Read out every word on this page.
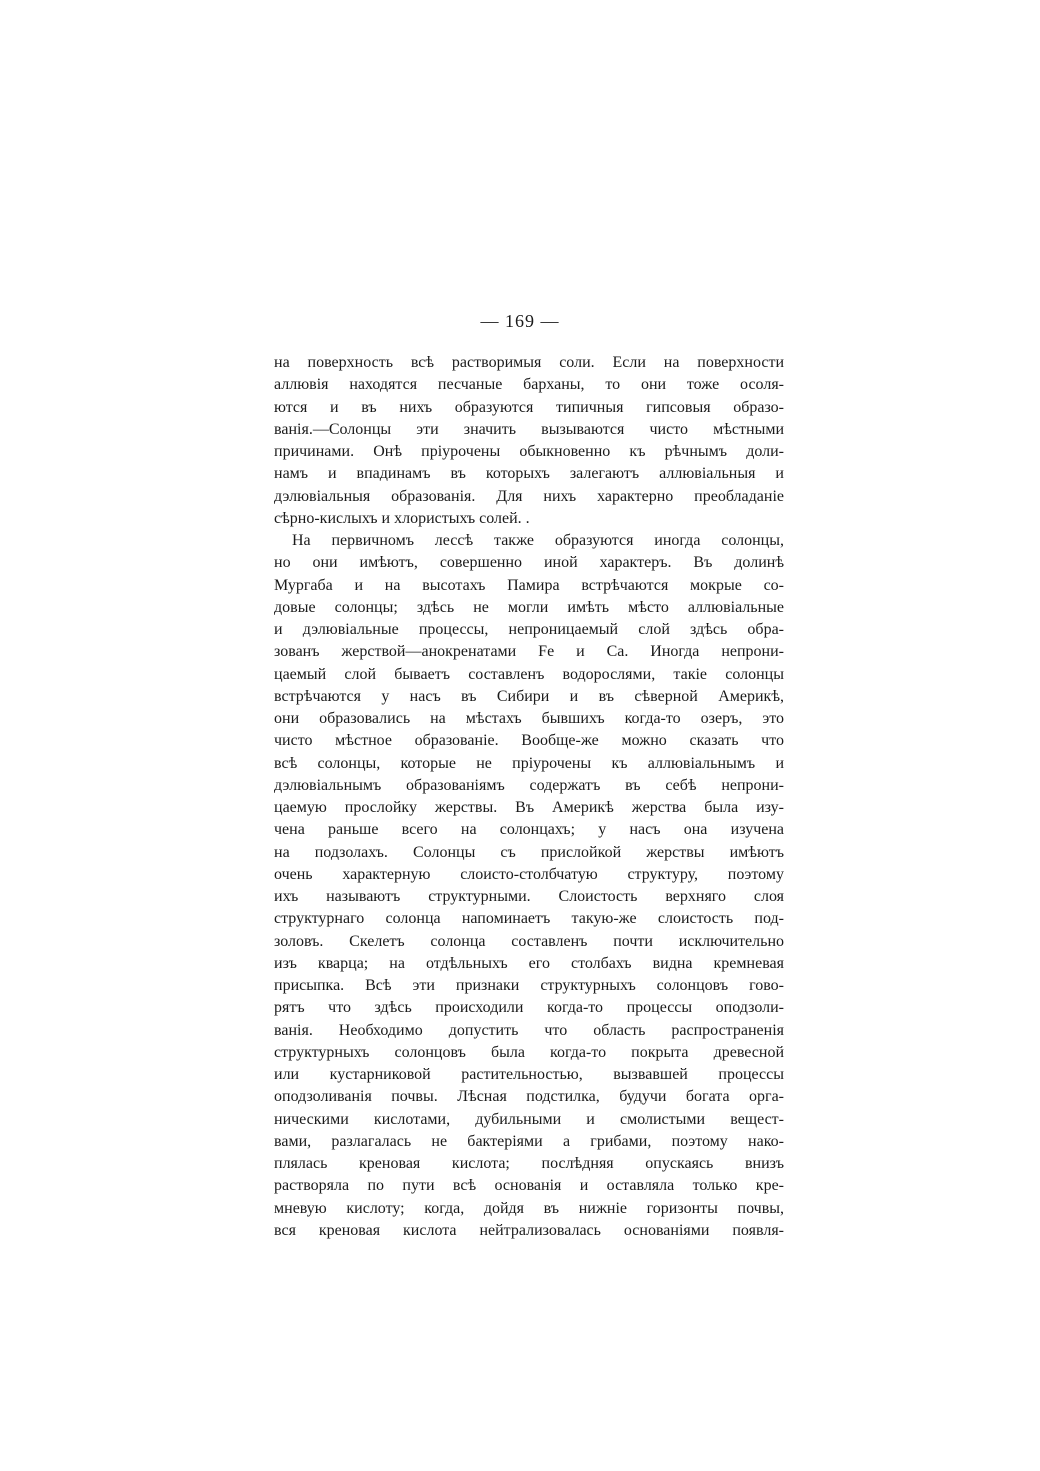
— 169 —
на поверхность всѣ растворимыя соли. Если на поверхности
аллювія находятся песчаные барханы, то они тоже осоля-
ются и въ нихъ образуются типичныя гипсовыя образо-
ванія.—Солонцы эти значить вызываются чисто мѣстными
причинами. Онѣ пріурочены обыкновенно къ рѣчнымъ доли-
намъ и впадинамъ въ которыхъ залегаютъ аллювіальныя и
дэлювіальныя образованія. Для нихъ характерно преобладаніе
сѣрно-кислыхъ и хлористыхъ солей. .
На первичномъ лессѣ также образуются иногда солонцы,
но они имѣютъ, совершенно иной характеръ. Въ долинѣ
Мургаба и на высотахъ Памира встрѣчаются мокрые со-
довые солонцы; здѣсь не могли имѣть мѣсто аллювіальные
и дэлювіальные процессы, непроницаемый слой здѣсь обра-
зованъ жерствой—анокренатами Fe и Ca. Иногда непрони-
цаемый слой бываетъ составленъ водорослями, такіе солонцы
встрѣчаются у насъ въ Сибири и въ сѣверной Америкѣ,
они образовались на мѣстахъ бывшихъ когда-то озеръ, это
чисто мѣстное образованіе. Вообще-же можно сказать что
всѣ солонцы, которые не пріурочены къ аллювіальнымъ и
дэлювіальнымъ образованіямъ содержатъ въ себѣ непрони-
цаемую прослойку жерствы. Въ Америкѣ жерства была изу-
чена раньше всего на солонцахъ; у насъ она изучена
на подзолахъ. Солонцы съ прислойкой жерствы имѣютъ
очень характерную слоисто-столбчатую структуру, поэтому
ихъ называютъ структурными. Слоистость верхняго слоя
структурнаго солонца напоминаетъ такую-же слоистость под-
золовъ. Скелетъ солонца составленъ почти исключительно
изъ кварца; на отдѣльныхъ его столбахъ видна кремневая
присыпка. Всѣ эти признаки структурныхъ солонцовъ гово-
рятъ что здѣсь происходили когда-то процессы оподзоли-
ванія. Необходимо допустить что область распространенія
структурныхъ солонцовъ была когда-то покрыта древесной
или кустарниковой растительностью, вызвавшей процессы
оподзоливанія почвы. Лѣсная подстилка, будучи богата орга-
ническими кислотами, дубильными и смолистыми вещест-
вами, разлагалась не бактеріями а грибами, поэтому нако-
плялась креновая кислота; послѣдняя опускаясь внизъ
растворяла по пути всѣ основанія и оставляла только кре-
мневую кислоту; когда, дойдя въ нижніе горизонты почвы,
вся креновая кислота нейтрализовалась основаніями появля-
